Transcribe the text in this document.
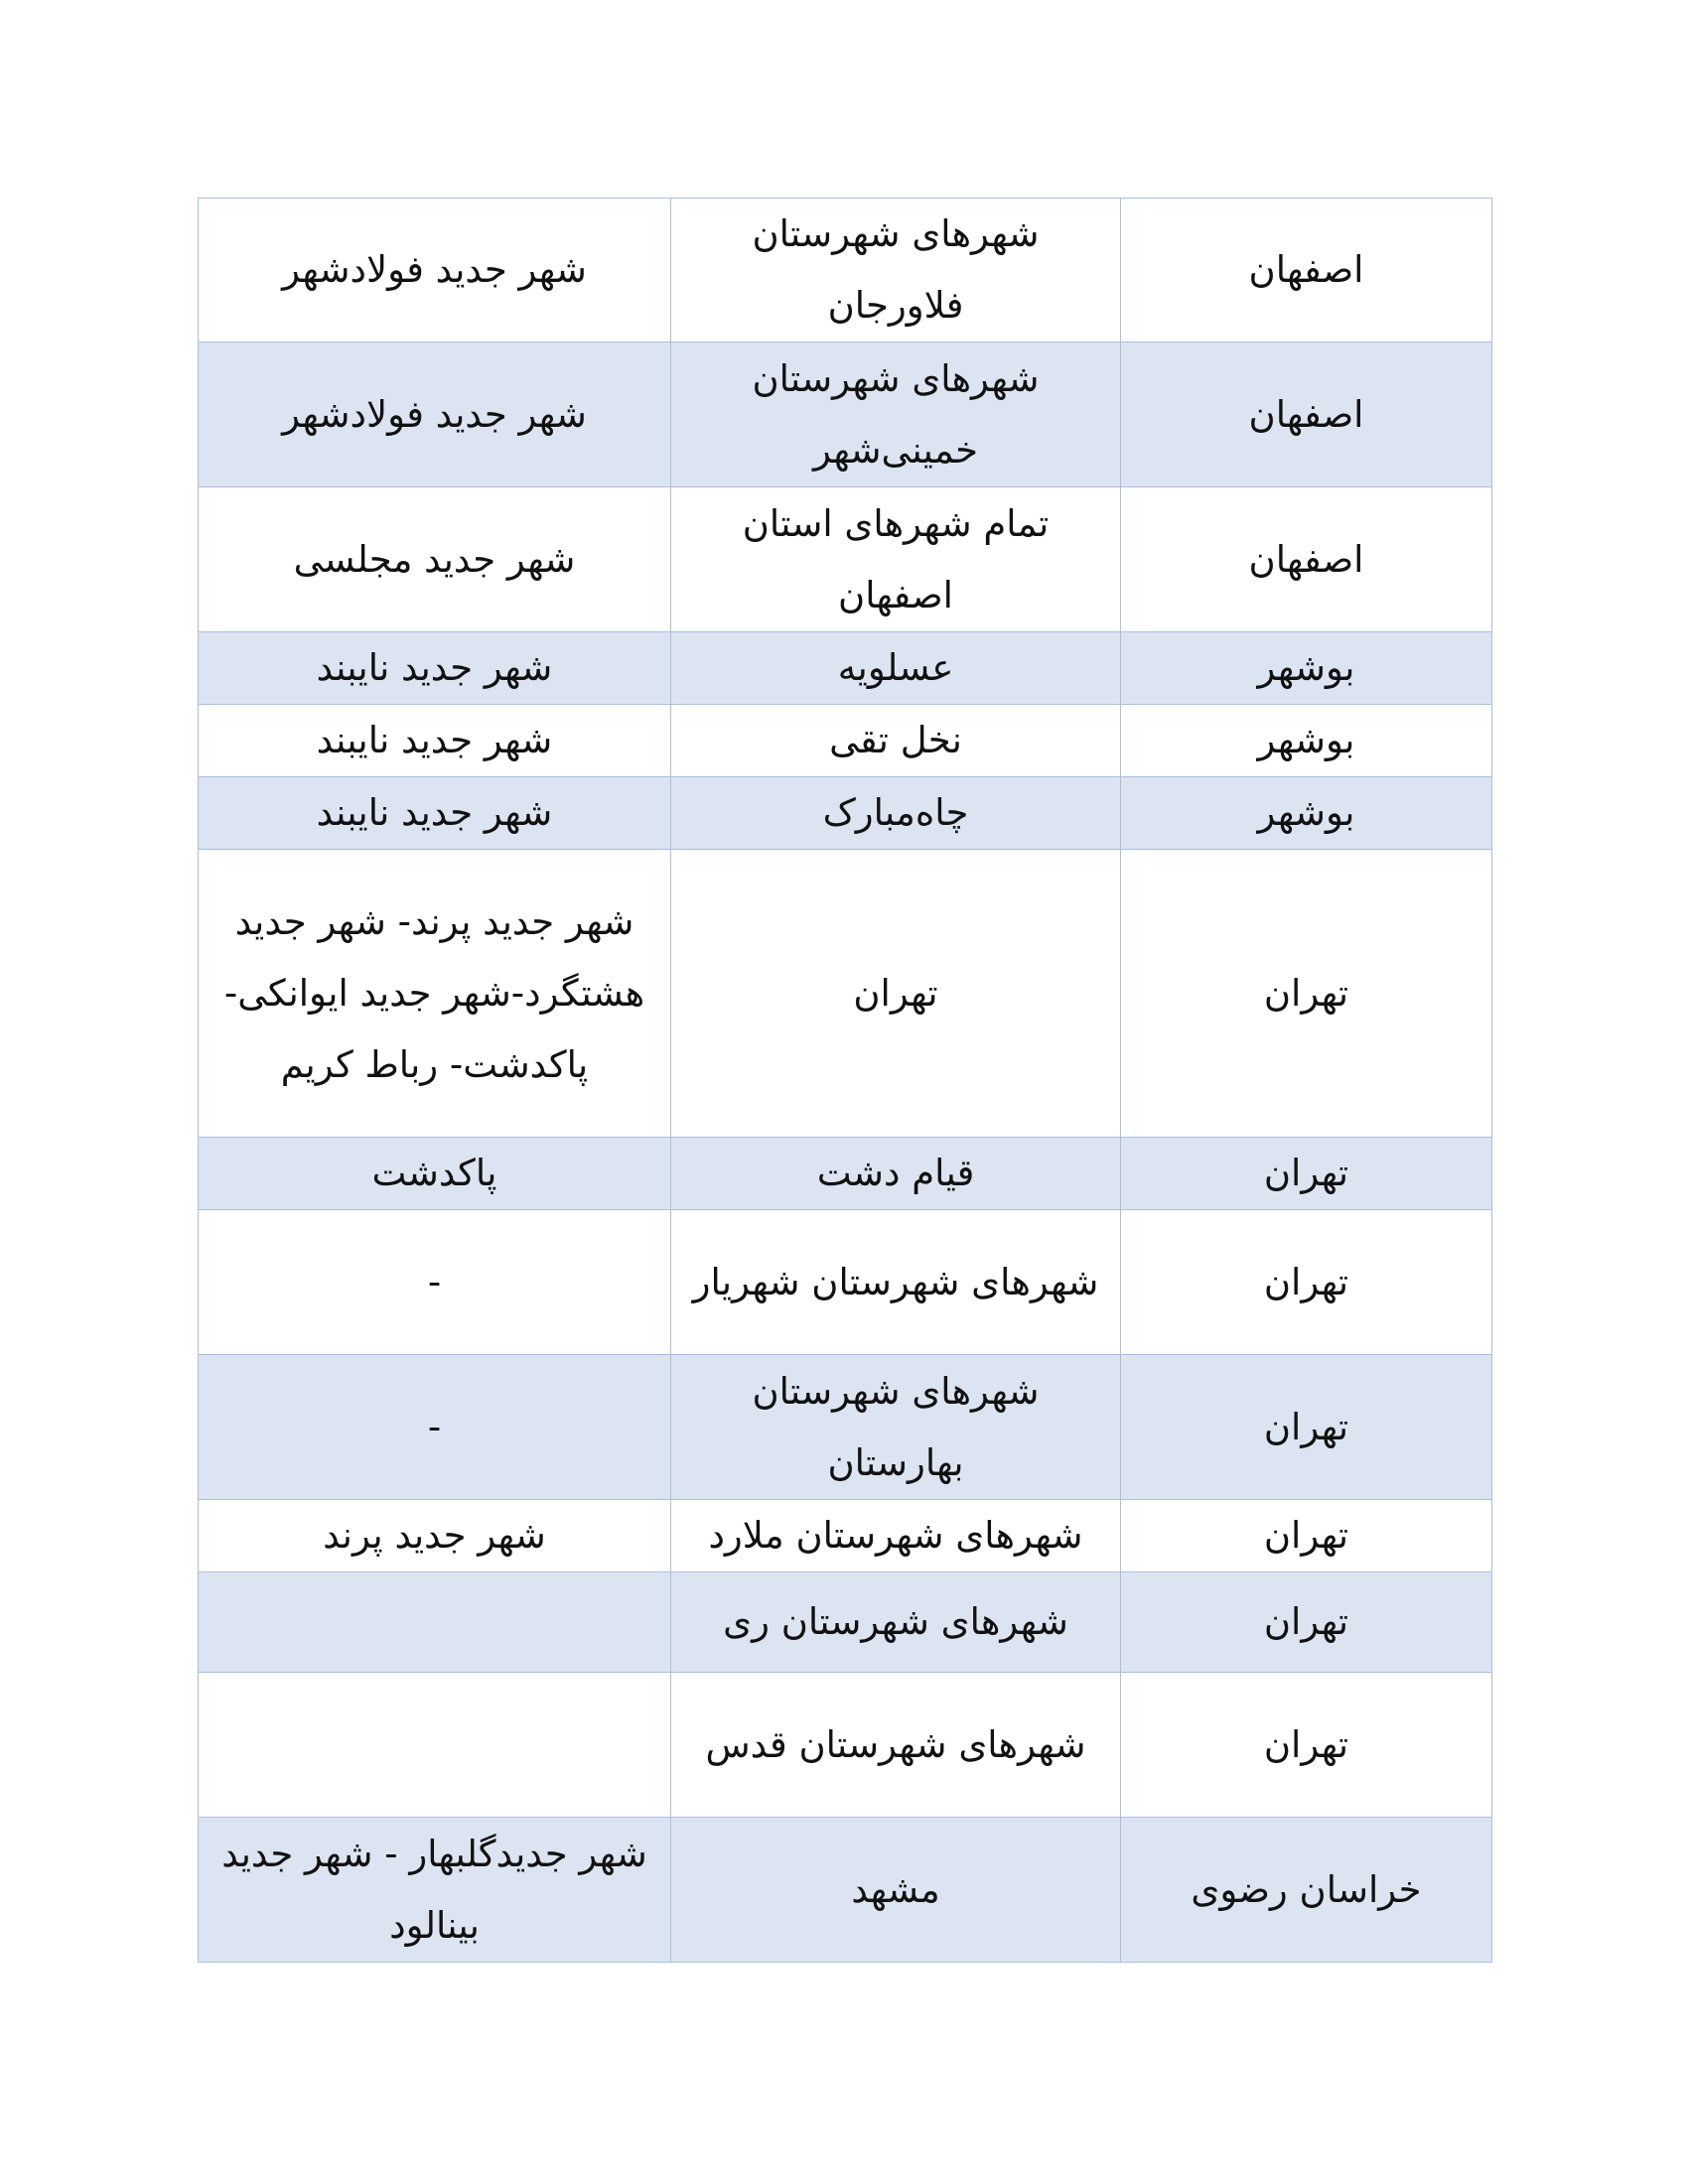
اصفهان	شهرهای شهرستان فلاورجان	شهر جدید فولادشهر
اصفهان	شهرهای شهرستان خمینی‌شهر	شهر جدید فولادشهر
اصفهان	تمام شهرهای استان اصفهان	شهر جدید مجلسی
بوشهر	عسلویه	شهر جدید نایبند
بوشهر	نخل تقی	شهر جدید نایبند
بوشهر	چاه‌مبارک	شهر جدید نایبند
تهران	تهران	شهر جدید پرند- شهر جدید هشتگرد-شهر جدید ایوانکی- پاکدشت- رباط کریم
تهران	قیام دشت	پاکدشت
تهران	شهرهای شهرستان شهریار	-
تهران	شهرهای شهرستان بهارستان	-
تهران	شهرهای شهرستان ملارد	شهر جدید پرند
تهران	شهرهای شهرستان ری	
تهران	شهرهای شهرستان قدس	
خراسان رضوی	مشهد	شهر جدیدگلبهار - شهر جدید بینالود
